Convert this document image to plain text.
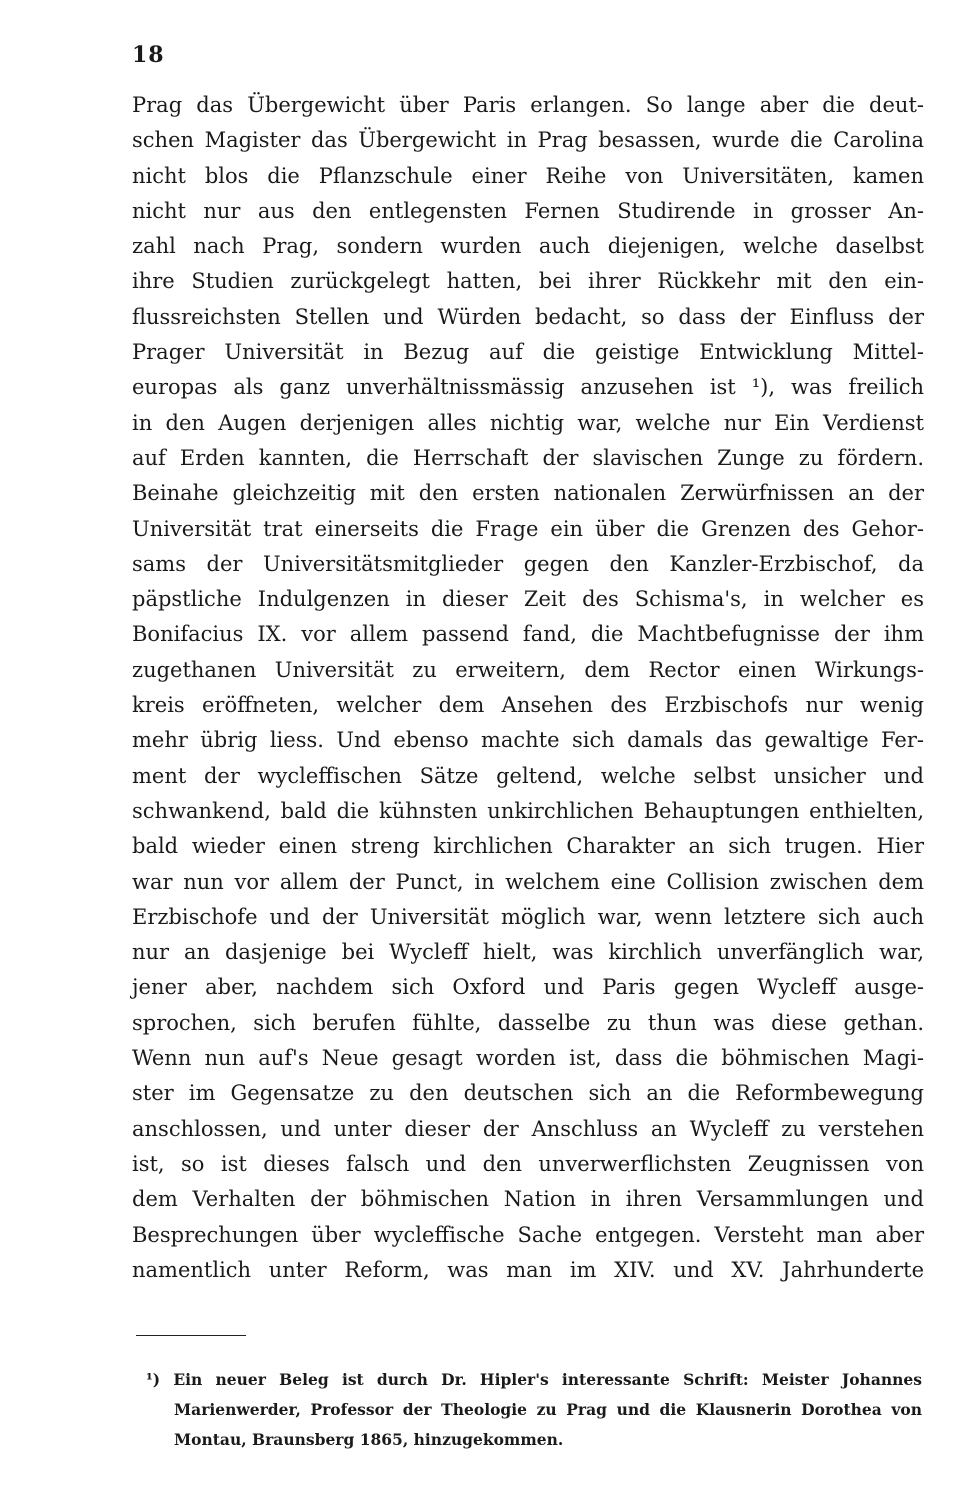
18
Prag das Übergewicht über Paris erlangen. So lange aber die deut-
schen Magister das Übergewicht in Prag besassen, wurde die Carolina
nicht blos die Pflanzschule einer Reihe von Universitäten, kamen
nicht nur aus den entlegensten Fernen Studirende in grosser An-
zahl nach Prag, sondern wurden auch diejenigen, welche daselbst
ihre Studien zurückgelegt hatten, bei ihrer Rückkehr mit den ein-
flussreichsten Stellen und Würden bedacht, so dass der Einfluss der
Prager Universität in Bezug auf die geistige Entwicklung Mittel-
europas als ganz unverhältnissmässig anzusehen ist ¹), was freilich
in den Augen derjenigen alles nichtig war, welche nur Ein Verdienst
auf Erden kannten, die Herrschaft der slavischen Zunge zu fördern.
Beinahe gleichzeitig mit den ersten nationalen Zerwürfnissen an der
Universität trat einerseits die Frage ein über die Grenzen des Gehor-
sams der Universitätsmitglieder gegen den Kanzler-Erzbischof, da
päpstliche Indulgenzen in dieser Zeit des Schisma's, in welcher es
Bonifacius IX. vor allem passend fand, die Machtbefugnisse der ihm
zugethanen Universität zu erweitern, dem Rector einen Wirkungs-
kreis eröffneten, welcher dem Ansehen des Erzbischofs nur wenig
mehr übrig liess. Und ebenso machte sich damals das gewaltige Fer-
ment der wycleffischen Sätze geltend, welche selbst unsicher und
schwankend, bald die kühnsten unkirchlichen Behauptungen enthielten,
bald wieder einen streng kirchlichen Charakter an sich trugen. Hier
war nun vor allem der Punct, in welchem eine Collision zwischen dem
Erzbischofe und der Universität möglich war, wenn letztere sich auch
nur an dasjenige bei Wycleff hielt, was kirchlich unverfänglich war,
jener aber, nachdem sich Oxford und Paris gegen Wycleff ausge-
sprochen, sich berufen fühlte, dasselbe zu thun was diese gethan.
Wenn nun auf's Neue gesagt worden ist, dass die böhmischen Magi-
ster im Gegensatze zu den deutschen sich an die Reformbewegung
anschlossen, und unter dieser der Anschluss an Wycleff zu verstehen
ist, so ist dieses falsch und den unverwerflichsten Zeugnissen von
dem Verhalten der böhmischen Nation in ihren Versammlungen und
Besprechungen über wycleffische Sache entgegen. Versteht man aber
namentlich unter Reform, was man im XIV. und XV. Jahrhunderte
¹) Ein neuer Beleg ist durch Dr. Hipler's interessante Schrift: Meister Johannes
Marienwerder, Professor der Theologie zu Prag und die Klausnerin Dorothea von
Montau, Braunsberg 1865, hinzugekommen.
